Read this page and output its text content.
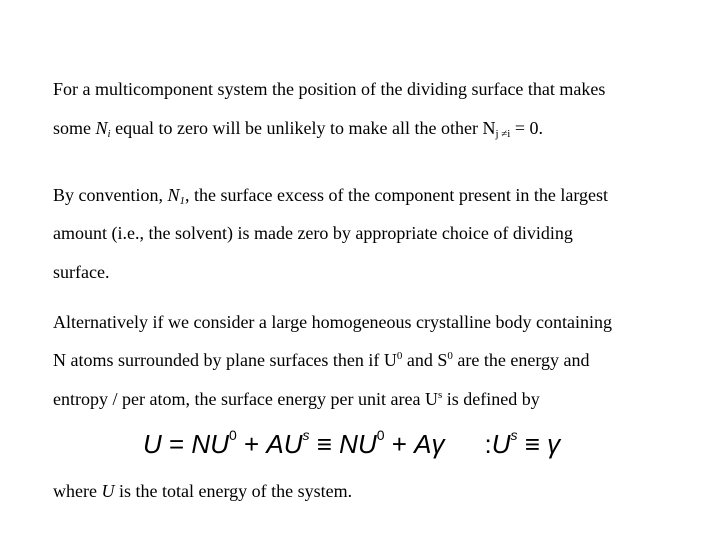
For a multicomponent system the position of the dividing surface that makes
some $N_i$ equal to zero will be unlikely to make all the other $N_{j \ne i} = 0$.
By convention, $N_1$, the surface excess of the component present in the largest
amount (i.e., the solvent) is made zero by appropriate choice of dividing
surface.
Alternatively if we consider a large homogeneous crystalline body containing
N atoms surrounded by plane surfaces then if $U^0$ and $S^0$ are the energy and
entropy / per atom, the surface energy per unit area $U^s$ is defined by
$U = NU^0 + AU^s \equiv NU^0 + A\gamma$ $:U^s \equiv \gamma$
where U is the total energy of the system.
